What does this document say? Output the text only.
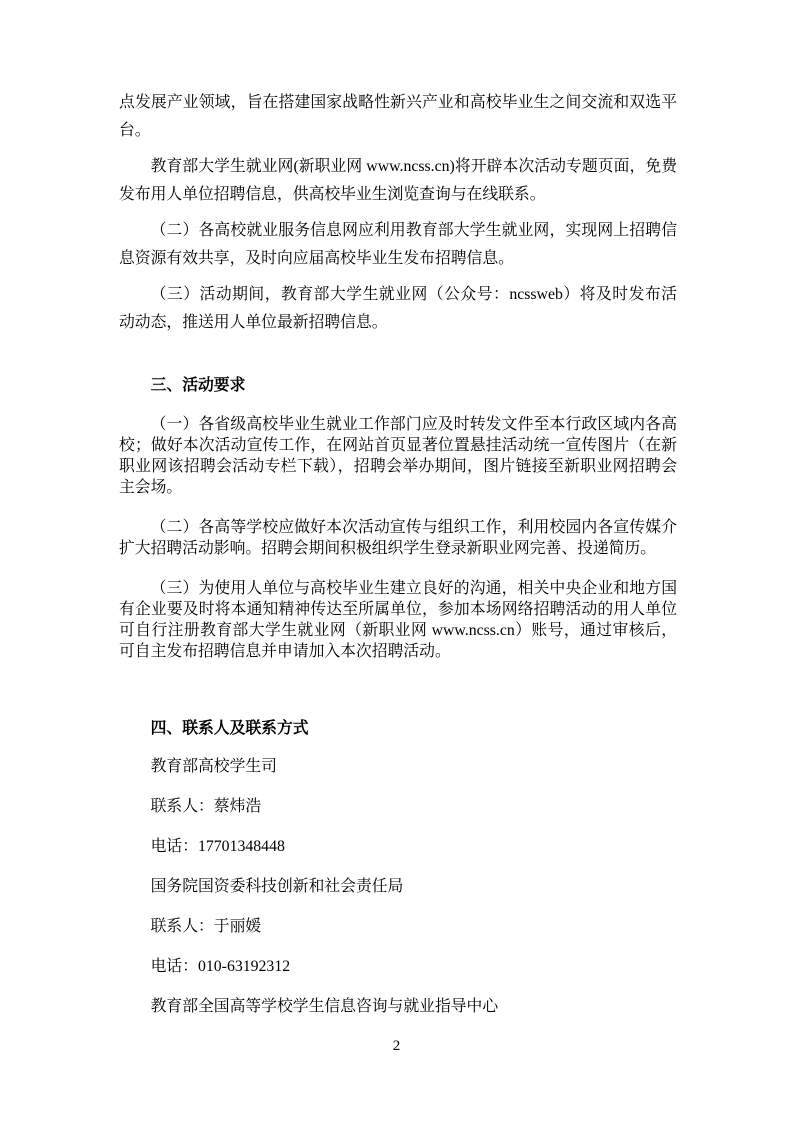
点发展产业领域，旨在搭建国家战略性新兴产业和高校毕业生之间交流和双选平台。

教育部大学生就业网(新职业网 www.ncss.cn)将开辟本次活动专题页面，免费发布用人单位招聘信息，供高校毕业生浏览查询与在线联系。

（二）各高校就业服务信息网应利用教育部大学生就业网，实现网上招聘信息资源有效共享，及时向应届高校毕业生发布招聘信息。

（三）活动期间，教育部大学生就业网（公众号：ncssweb）将及时发布活动动态，推送用人单位最新招聘信息。

三、活动要求

（一）各省级高校毕业生就业工作部门应及时转发文件至本行政区域内各高校；做好本次活动宣传工作，在网站首页显著位置悬挂活动统一宣传图片（在新职业网该招聘会活动专栏下载），招聘会举办期间，图片链接至新职业网招聘会主会场。

（二）各高等学校应做好本次活动宣传与组织工作，利用校园内各宣传媒介扩大招聘活动影响。招聘会期间积极组织学生登录新职业网完善、投递简历。

（三）为使用人单位与高校毕业生建立良好的沟通，相关中央企业和地方国有企业要及时将本通知精神传达至所属单位，参加本场网络招聘活动的用人单位可自行注册教育部大学生就业网（新职业网 www.ncss.cn）账号，通过审核后，可自主发布招聘信息并申请加入本次招聘活动。

四、联系人及联系方式

教育部高校学生司

联系人：蔡炜浩

电话：17701348448

国务院国资委科技创新和社会责任局

联系人：于丽媛

电话：010-63192312

教育部全国高等学校学生信息咨询与就业指导中心

2
